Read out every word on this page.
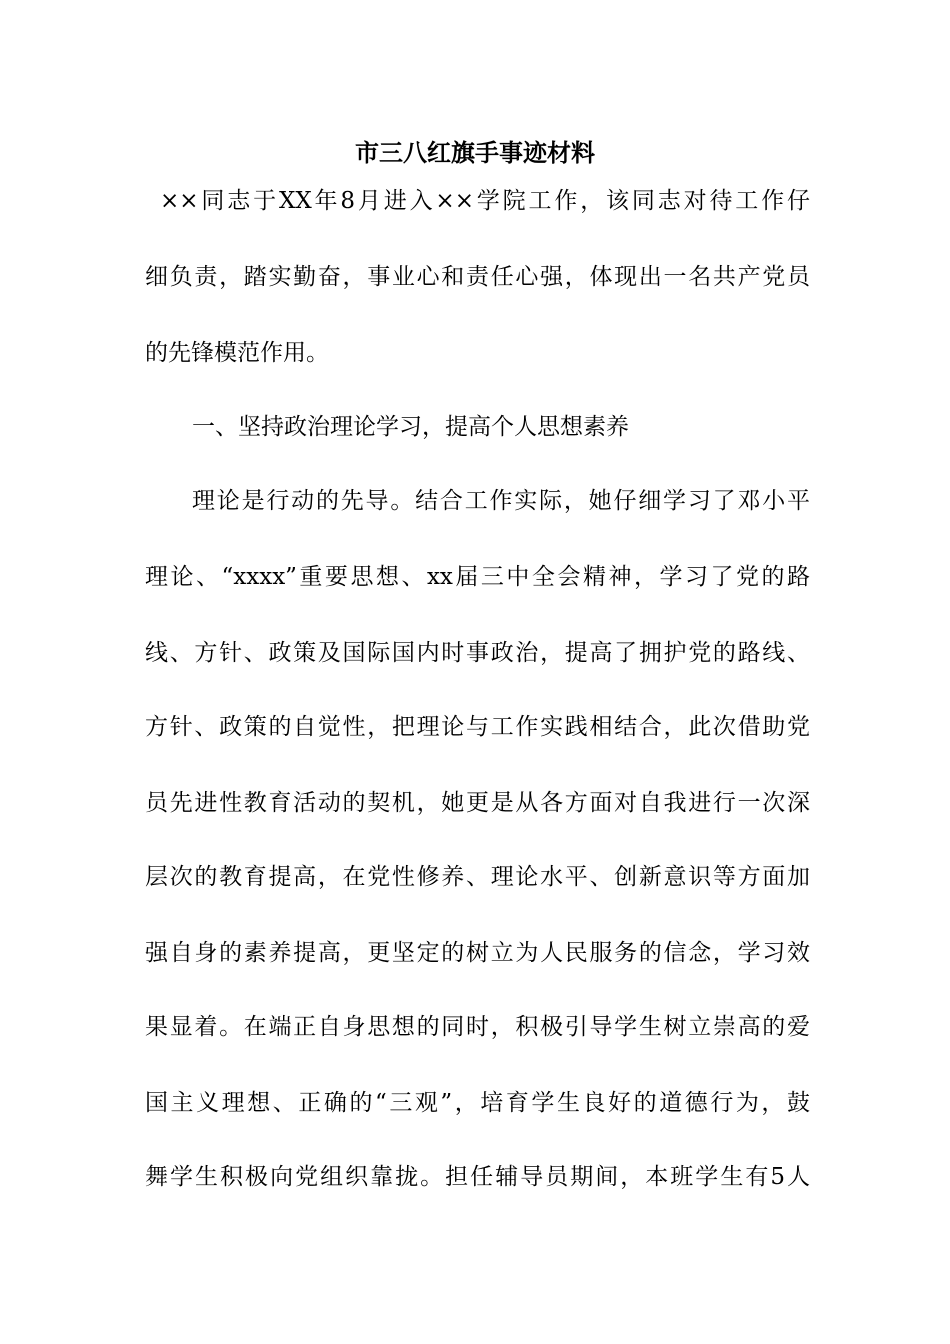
市三八红旗手事迹材料
××同志于XX年8月进入××学院工作，该同志对待工作仔
细负责，踏实勤奋，事业心和责任心强，体现出一名共产党员
的先锋模范作用。
一、坚持政治理论学习，提高个人思想素养
理论是行动的先导。结合工作实际，她仔细学习了邓小平
理论、“xxxx”重要思想、xx届三中全会精神，学习了党的路
线、方针、政策及国际国内时事政治，提高了拥护党的路线、
方针、政策的自觉性，把理论与工作实践相结合，此次借助党
员先进性教育活动的契机，她更是从各方面对自我进行一次深
层次的教育提高，在党性修养、理论水平、创新意识等方面加
强自身的素养提高，更坚定的树立为人民服务的信念，学习效
果显着。在端正自身思想的同时，积极引导学生树立崇高的爱
国主义理想、正确的“三观”，培育学生良好的道德行为，鼓
舞学生积极向党组织靠拢。担任辅导员期间，本班学生有5人
